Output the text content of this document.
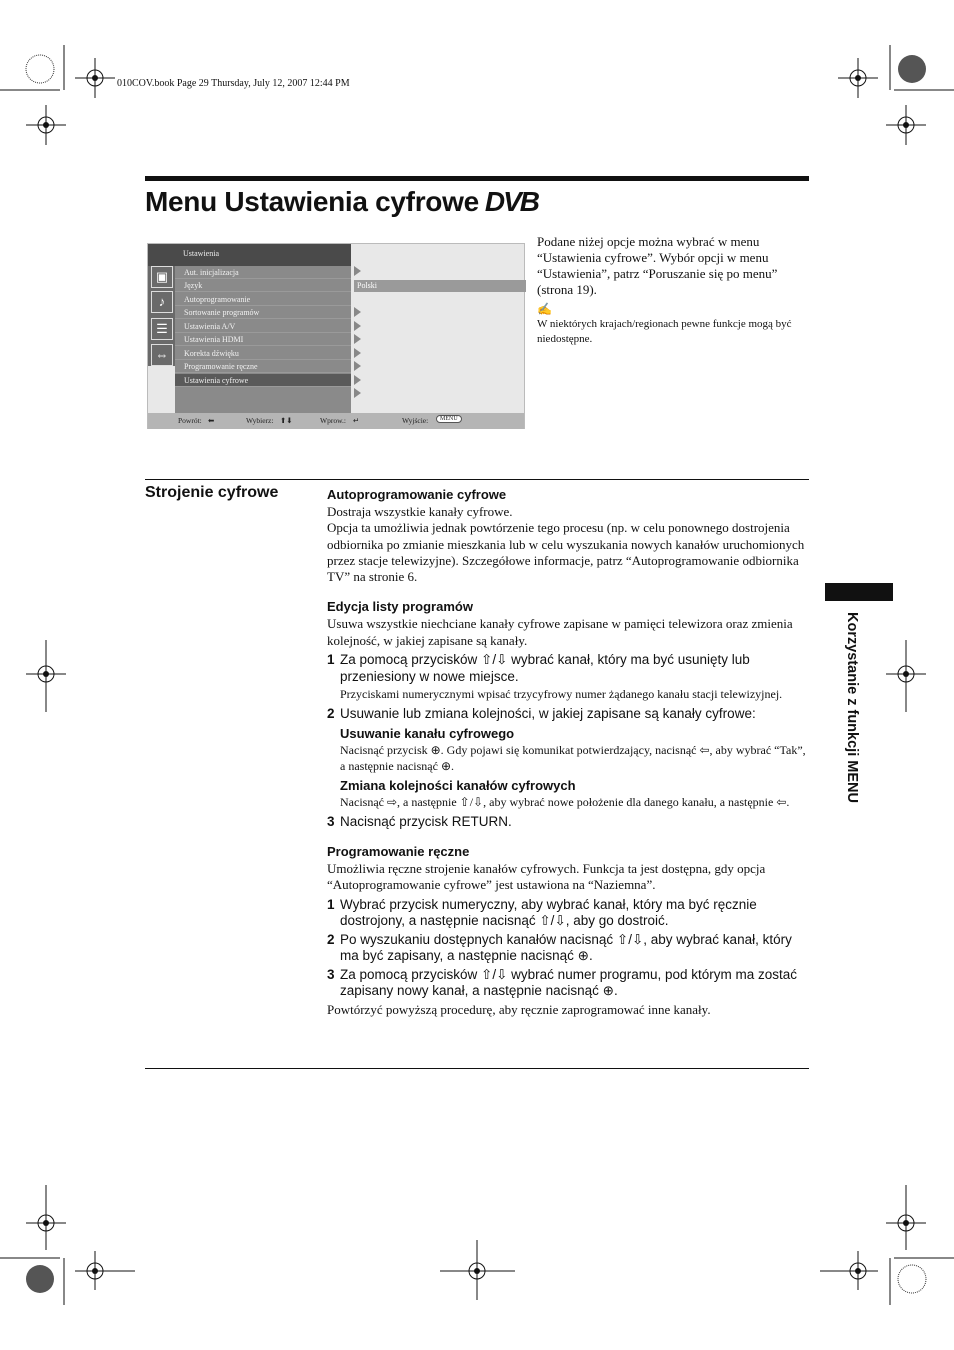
010COV.book Page 29 Thursday, July 12, 2007 12:44 PM
Menu Ustawienia cyfrowe DVB
Ustawienia
▣
♪
☰
⇔
Aut. inicjalizacja
Język
Autoprogramowanie
Sortowanie programów
Ustawienia A/V
Ustawienia HDMI
Korekta dźwięku
Programowanie ręczne
Ustawienia cyfrowe
Polski
Powrót: ⬅	Wybierz: ⬆⬇	Wprow.: ↵	Wyjście:	MENU
Podane niżej opcje można wybrać w menu “Ustawienia cyfrowe”. Wybór opcji w menu “Ustawienia”, patrz “Poruszanie się po menu” (strona 19).
✍
W niektórych krajach/regionach pewne funkcje mogą być niedostępne.
Strojenie cyfrowe	Autoprogramowanie cyfrowe
Dostraja wszystkie kanały cyfrowe.
Opcja ta umożliwia jednak powtórzenie tego procesu (np. w celu ponownego dostrojenia odbiornika po zmianie mieszkania lub w celu wyszukania nowych kanałów uruchomionych przez stacje telewizyjne). Szczegółowe informacje, patrz “Autoprogramowanie odbiornika TV” na stronie 6.
Edycja listy programów
Usuwa wszystkie niechciane kanały cyfrowe zapisane w pamięci telewizora oraz zmienia kolejność, w jakiej zapisane są kanały.
1 Za pomocą przycisków ⇧/⇩ wybrać kanał, który ma być usunięty lub przeniesiony w nowe miejsce.
Przyciskami numerycznymi wpisać trzycyfrowy numer żądanego kanału stacji telewizyjnej.
2 Usuwanie lub zmiana kolejności, w jakiej zapisane są kanały cyfrowe:
Usuwanie kanału cyfrowego
Nacisnąć przycisk ⊕. Gdy pojawi się komunikat potwierdzający, nacisnąć ⇦, aby wybrać “Tak”, a następnie nacisnąć ⊕.
Zmiana kolejności kanałów cyfrowych
Nacisnąć ⇨, a następnie ⇧/⇩, aby wybrać nowe położenie dla danego kanału, a następnie ⇦.
3 Nacisnąć przycisk RETURN.
Programowanie ręczne
Umożliwia ręczne strojenie kanałów cyfrowych. Funkcja ta jest dostępna, gdy opcja “Autoprogramowanie cyfrowe” jest ustawiona na “Naziemna”.
1 Wybrać przycisk numeryczny, aby wybrać kanał, który ma być ręcznie dostrojony, a następnie nacisnąć ⇧/⇩, aby go dostroić.
2 Po wyszukaniu dostępnych kanałów nacisnąć ⇧/⇩, aby wybrać kanał, który ma być zapisany, a następnie nacisnąć ⊕.
3 Za pomocą przycisków ⇧/⇩ wybrać numer programu, pod którym ma zostać zapisany nowy kanał, a następnie nacisnąć ⊕.
Powtórzyć powyższą procedurę, aby ręcznie zaprogramować inne kanały.
Korzystanie z funkcji MENU
